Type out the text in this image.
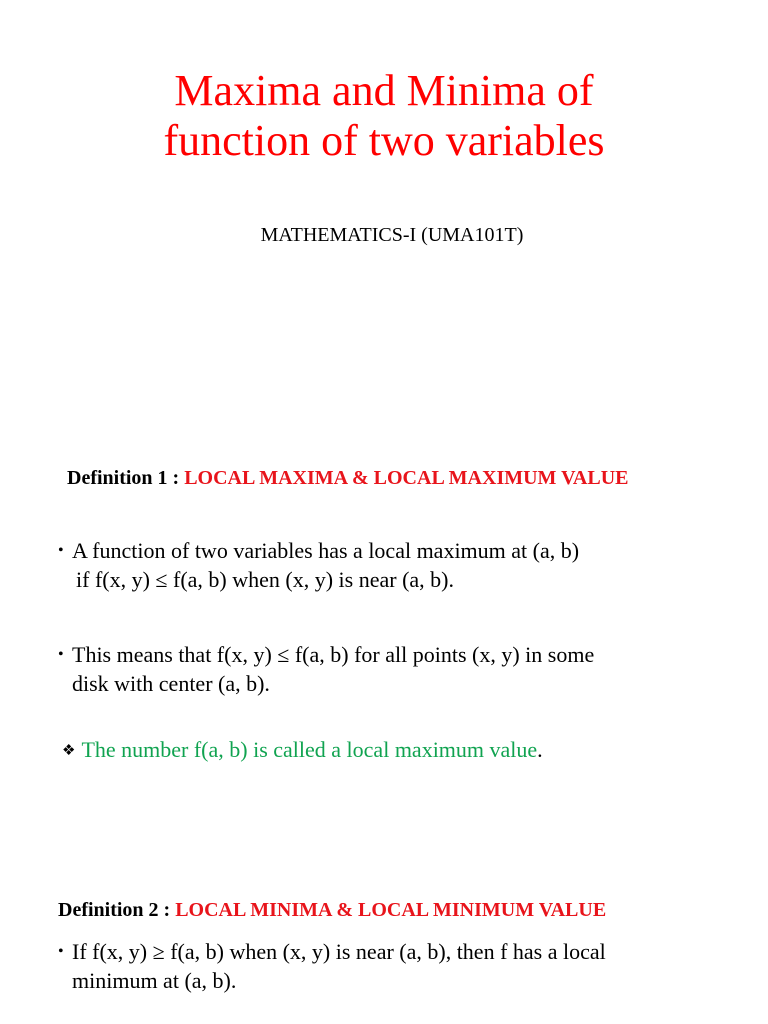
Maxima and Minima of
function of two variables
MATHEMATICS-I (UMA101T)
Definition 1 : LOCAL MAXIMA & LOCAL MAXIMUM VALUE
• A function of two variables has a local maximum at (a, b)
if f(x, y) ≤ f(a, b) when (x, y) is near (a, b).
• This means that f(x, y) ≤ f(a, b) for all points (x, y) in some
disk with center (a, b).
❖ The number f(a, b) is called a local maximum value.
Definition 2 : LOCAL MINIMA & LOCAL MINIMUM VALUE
• If f(x, y) ≥ f(a, b) when (x, y) is near (a, b), then f has a local
minimum at (a, b).
